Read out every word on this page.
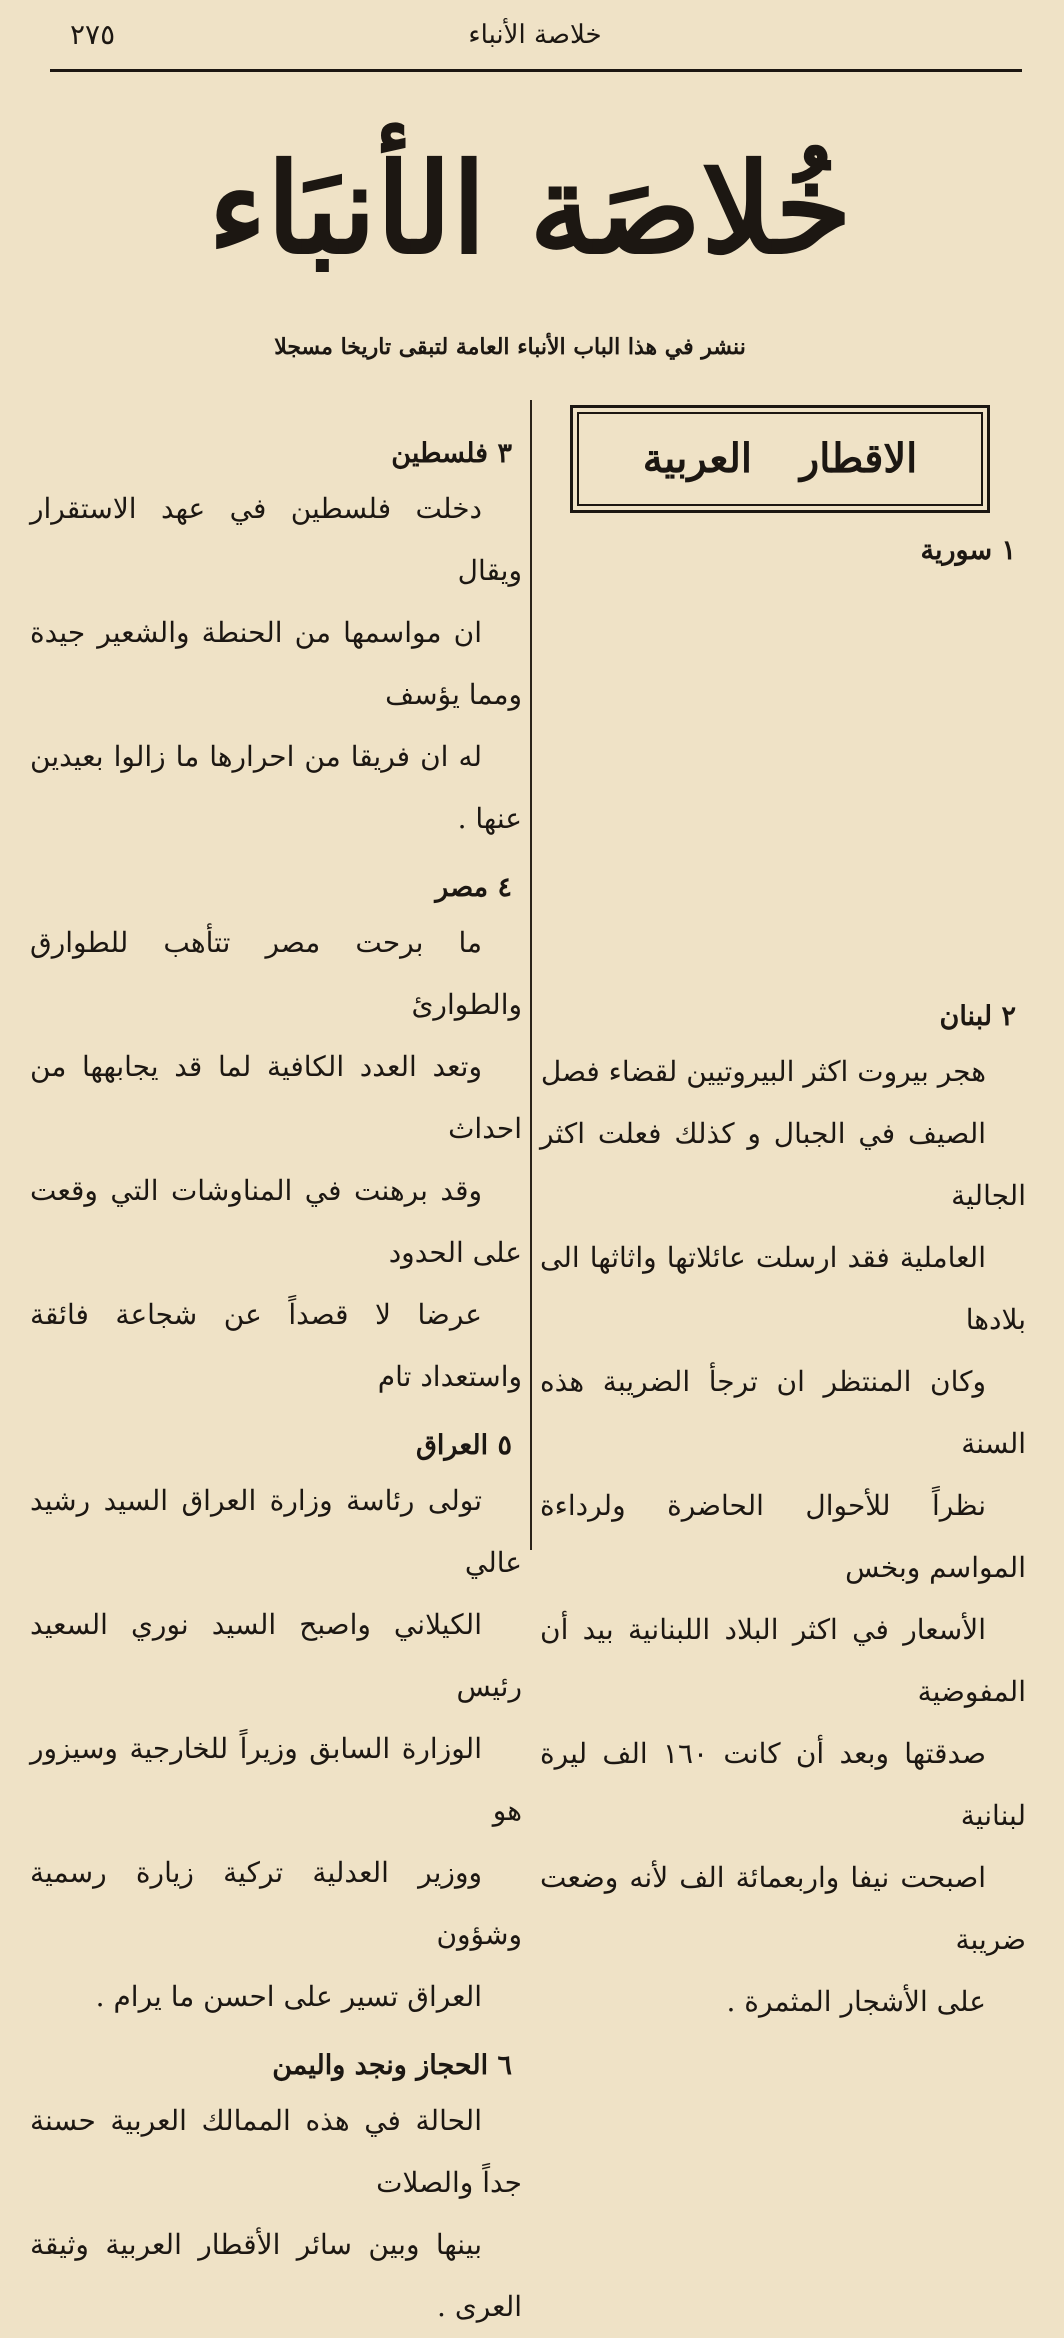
خلاصة الأنباء
٢٧٥
خُلاصَة الأنبَاء
ننشر في هذا الباب الأنباء العامة لتبقى تاريخا مسجلا
الاقطار العربية
١ سورية
٢ لبنان
هجر بيروت اكثر البيروتيين لقضاء فصل
الصيف في الجبال و كذلك فعلت اكثر الجالية
العاملية فقد ارسلت عائلاتها واثاثها الى بلادها
وكان المنتظر ان ترجأ الضريبة هذه السنة
نظراً للأحوال الحاضرة ولرداءة المواسم وبخس
الأسعار في اكثر البلاد اللبنانية بيد أن المفوضية
صدقتها وبعد أن كانت ١٦٠ الف ليرة لبنانية
اصبحت نيفا واربعمائة الف لأنه وضعت ضريبة
على الأشجار المثمرة .
٣ فلسطين
دخلت فلسطين في عهد الاستقرار ويقال
ان مواسمها من الحنطة والشعير جيدة ومما يؤسف
له ان فريقا من احرارها ما زالوا بعيدين عنها .
٤ مصر
ما برحت مصر تتأهب للطوارق والطوارئ
وتعد العدد الكافية لما قد يجابهها من احداث
وقد برهنت في المناوشات التي وقعت على الحدود
عرضا لا قصداً عن شجاعة فائقة واستعداد تام
٥ العراق
تولى رئاسة وزارة العراق السيد رشيد عالي
الكيلاني واصبح السيد نوري السعيد رئيس
الوزارة السابق وزيراً للخارجية وسيزور هو
ووزير العدلية تركية زيارة رسمية وشؤون
العراق تسير على احسن ما يرام .
٦ الحجاز ونجد واليمن
الحالة في هذه الممالك العربية حسنة جداً والصلات
بينها وبين سائر الأقطار العربية وثيقة العرى .
